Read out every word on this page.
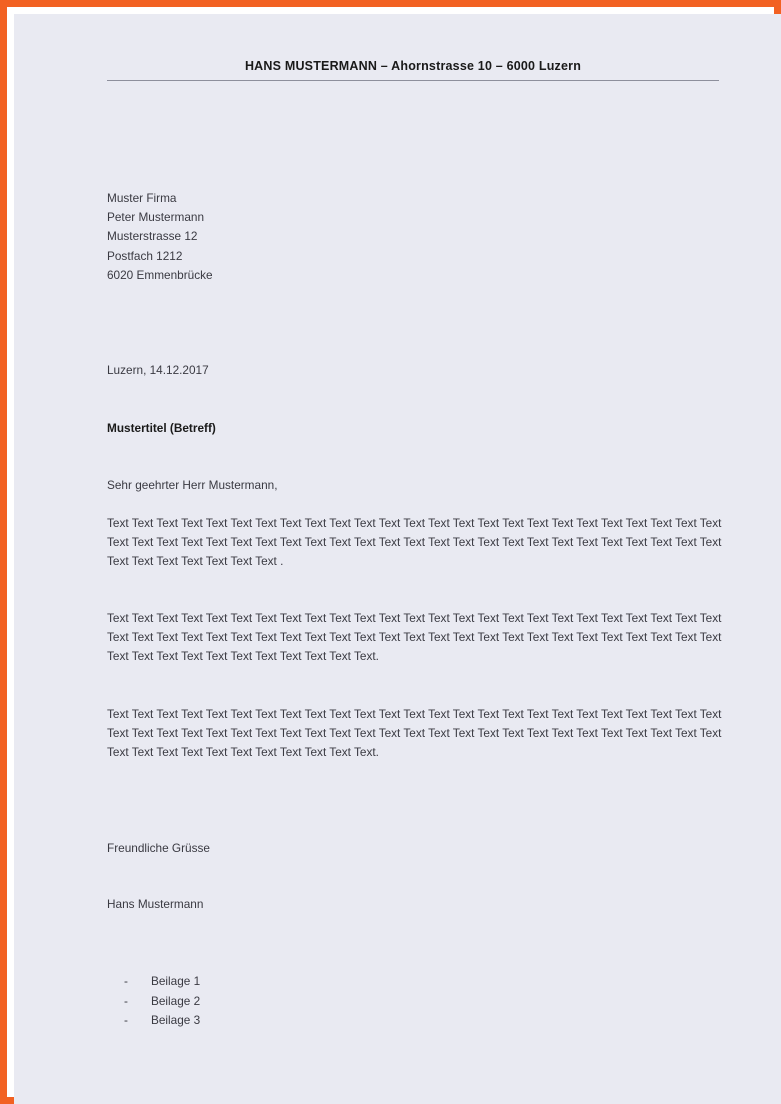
HANS MUSTERMANN – Ahornstrasse 10 – 6000 Luzern
Muster Firma
Peter Mustermann
Musterstrasse 12
Postfach 1212
6020 Emmenbrücke
Luzern, 14.12.2017
Mustertitel (Betreff)
Sehr geehrter Herr Mustermann,
Text Text Text Text Text Text Text Text Text Text Text Text Text Text Text Text Text Text Text Text Text Text Text Text Text Text Text Text Text Text Text Text Text Text Text Text Text Text Text Text Text Text Text Text Text Text Text Text Text Text Text Text Text Text Text Text Text .
Text Text Text Text Text Text Text Text Text Text Text Text Text Text Text Text Text Text Text Text Text Text Text Text Text Text Text Text Text Text Text Text Text Text Text Text Text Text Text Text Text Text Text Text Text Text Text Text Text Text Text Text Text Text Text Text Text Text Text Text Text.
Text Text Text Text Text Text Text Text Text Text Text Text Text Text Text Text Text Text Text Text Text Text Text Text Text Text Text Text Text Text Text Text Text Text Text Text Text Text Text Text Text Text Text Text Text Text Text Text Text Text Text Text Text Text Text Text Text Text Text Text Text.
Freundliche Grüsse
Hans Mustermann
-	Beilage 1
-	Beilage 2
-	Beilage 3
